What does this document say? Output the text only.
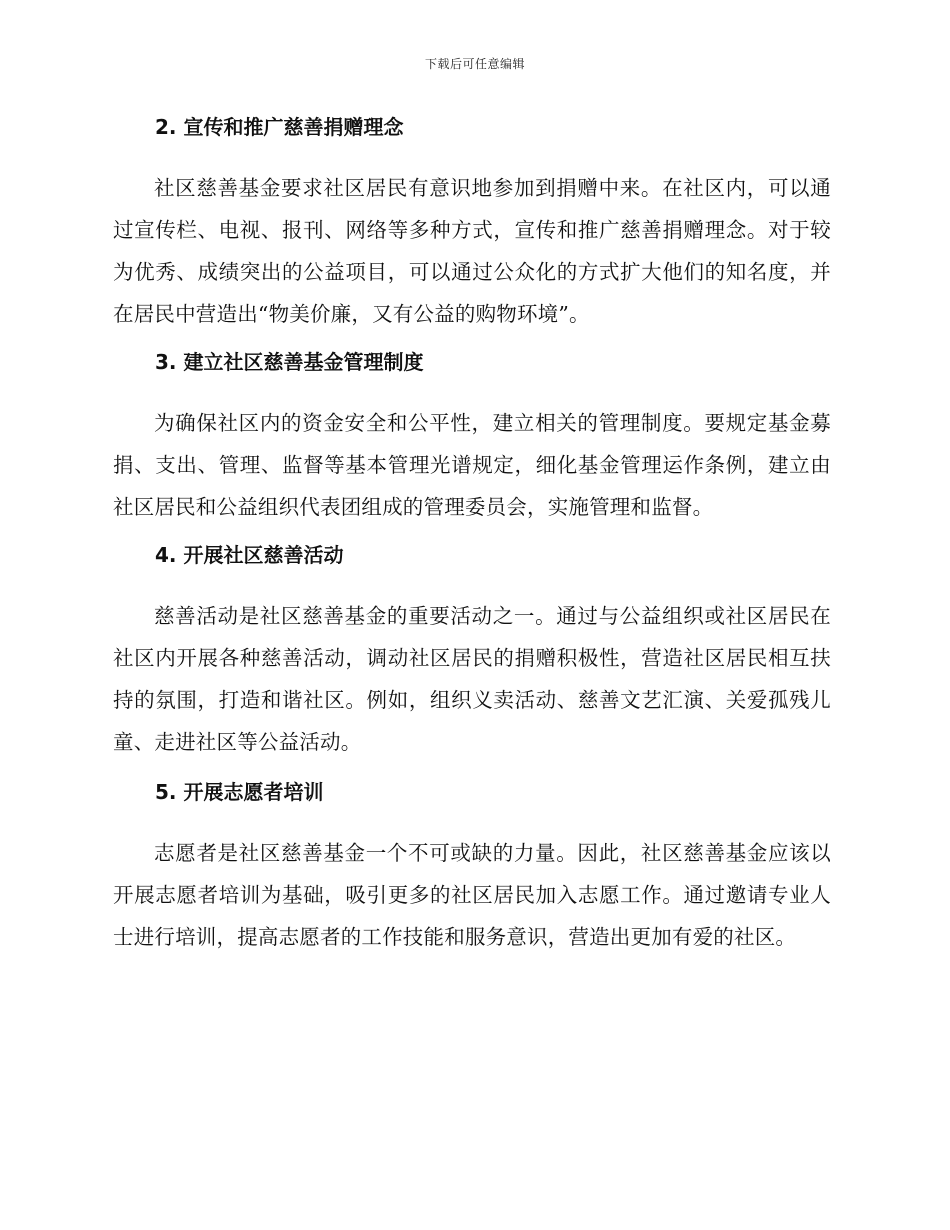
下载后可任意编辑
2. 宣传和推广慈善捐赠理念

社区慈善基金要求社区居民有意识地参加到捐赠中来。在社区内，可以通过宣传栏、电视、报刊、网络等多种方式，宣传和推广慈善捐赠理念。对于较为优秀、成绩突出的公益项目，可以通过公众化的方式扩大他们的知名度，并在居民中营造出“物美价廉，又有公益的购物环境”。

3. 建立社区慈善基金管理制度

为确保社区内的资金安全和公平性，建立相关的管理制度。要规定基金募捐、支出、管理、监督等基本管理光谱规定，细化基金管理运作条例，建立由社区居民和公益组织代表团组成的管理委员会，实施管理和监督。

4. 开展社区慈善活动

慈善活动是社区慈善基金的重要活动之一。通过与公益组织或社区居民在社区内开展各种慈善活动，调动社区居民的捐赠积极性，营造社区居民相互扶持的氛围，打造和谐社区。例如，组织义卖活动、慈善文艺汇演、关爱孤残儿童、走进社区等公益活动。

5. 开展志愿者培训

志愿者是社区慈善基金一个不可或缺的力量。因此，社区慈善基金应该以开展志愿者培训为基础，吸引更多的社区居民加入志愿工作。通过邀请专业人士进行培训，提高志愿者的工作技能和服务意识，营造出更加有爱的社区。
